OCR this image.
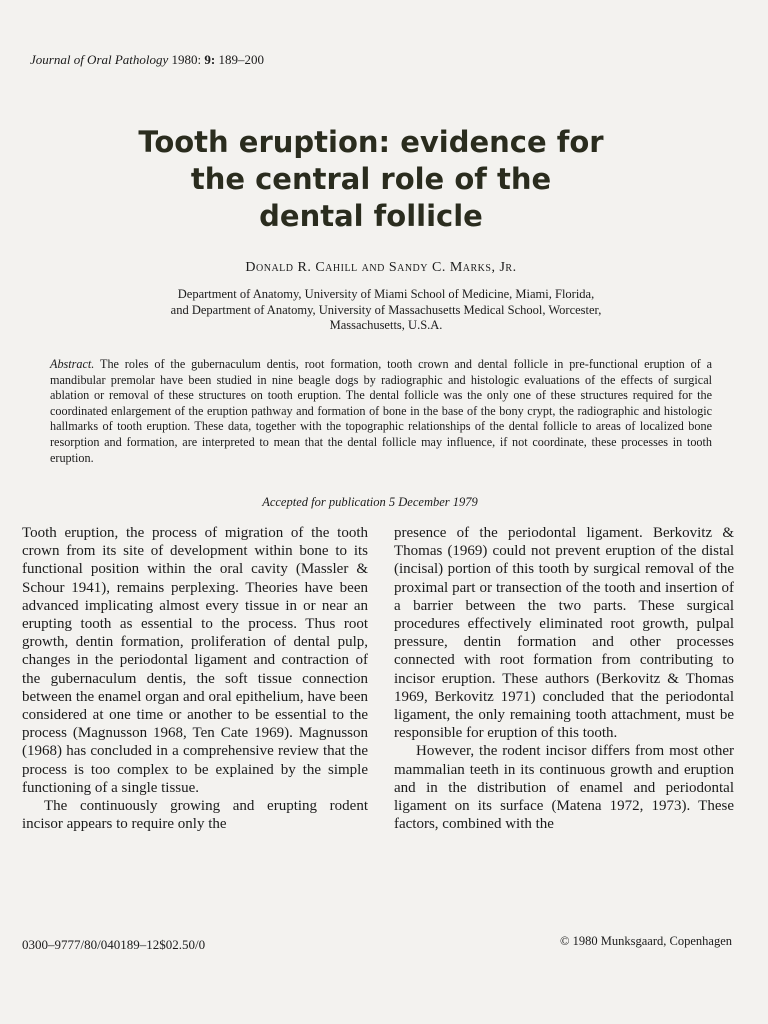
Journal of Oral Pathology 1980: 9: 189–200
Tooth eruption: evidence for
the central role of the
dental follicle
Donald R. Cahill and Sandy C. Marks, Jr.
Department of Anatomy, University of Miami School of Medicine, Miami, Florida,
and Department of Anatomy, University of Massachusetts Medical School, Worcester,
Massachusetts, U.S.A.
Abstract. The roles of the gubernaculum dentis, root formation, tooth crown and dental follicle in pre-functional eruption of a mandibular premolar have been studied in nine beagle dogs by radiographic and histologic evaluations of the effects of surgical ablation or removal of these structures on tooth eruption. The dental follicle was the only one of these structures required for the coordinated enlargement of the eruption pathway and formation of bone in the base of the bony crypt, the radiographic and histologic hallmarks of tooth eruption. These data, together with the topographic relationships of the dental follicle to areas of localized bone resorption and formation, are interpreted to mean that the dental follicle may influence, if not coordinate, these processes in tooth eruption.
Accepted for publication 5 December 1979

Tooth eruption, the process of migration of the tooth crown from its site of development within bone to its functional position within the oral cavity (Massler & Schour 1941), remains perplexing. Theories have been advanced implicating almost every tissue in or near an erupting tooth as essential to the process. Thus root growth, dentin formation, proliferation of dental pulp, changes in the periodontal ligament and contraction of the gubernaculum dentis, the soft tissue connection between the enamel organ and oral epithelium, have been considered at one time or another to be essential to the process (Magnusson 1968, Ten Cate 1969). Magnusson (1968) has concluded in a comprehensive review that the process is too complex to be explained by the simple functioning of a single tissue.

The continuously growing and erupting rodent incisor appears to require only the

presence of the periodontal ligament. Berkovitz & Thomas (1969) could not prevent eruption of the distal (incisal) portion of this tooth by surgical removal of the proximal part or transection of the tooth and insertion of a barrier between the two parts. These surgical procedures effectively eliminated root growth, pulpal pressure, dentin formation and other processes connected with root formation from contributing to incisor eruption. These authors (Berkovitz & Thomas 1969, Berkovitz 1971) concluded that the periodontal ligament, the only remaining tooth attachment, must be responsible for eruption of this tooth.

However, the rodent incisor differs from most other mammalian teeth in its continuous growth and eruption and in the distribution of enamel and periodontal ligament on its surface (Matena 1972, 1973). These factors, combined with the

0300–9777/80/040189–12$02.50/0	© 1980 Munksgaard, Copenhagen
